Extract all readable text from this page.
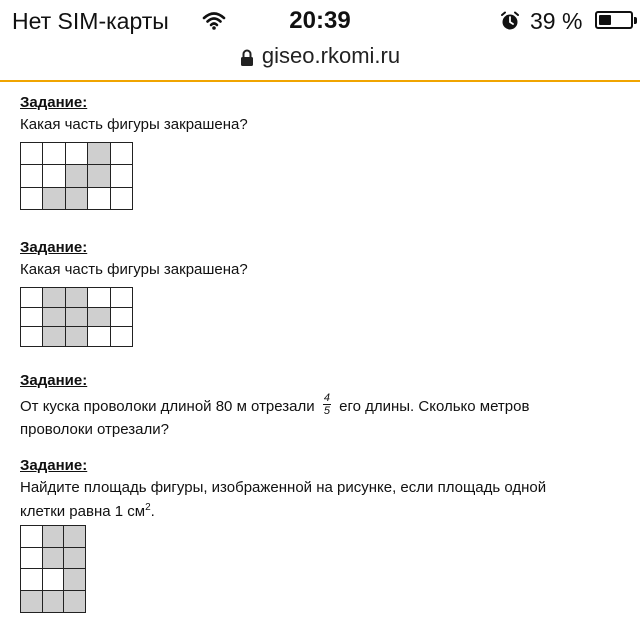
Нет SIM-карты	20:39	39 %
giseo.rkomi.ru
Задание:
Какая часть фигуры закрашена?

Задание:
Какая часть фигуры закрашена?

Задание:
От куска проволоки длиной 80 м отрезали $\frac{4}{5}$ его длины. Сколько метров
проволоки отрезали?
Задание:
Найдите площадь фигуры, изображенной на рисунке, если площадь одной
клетки равна 1 $см^2$.
